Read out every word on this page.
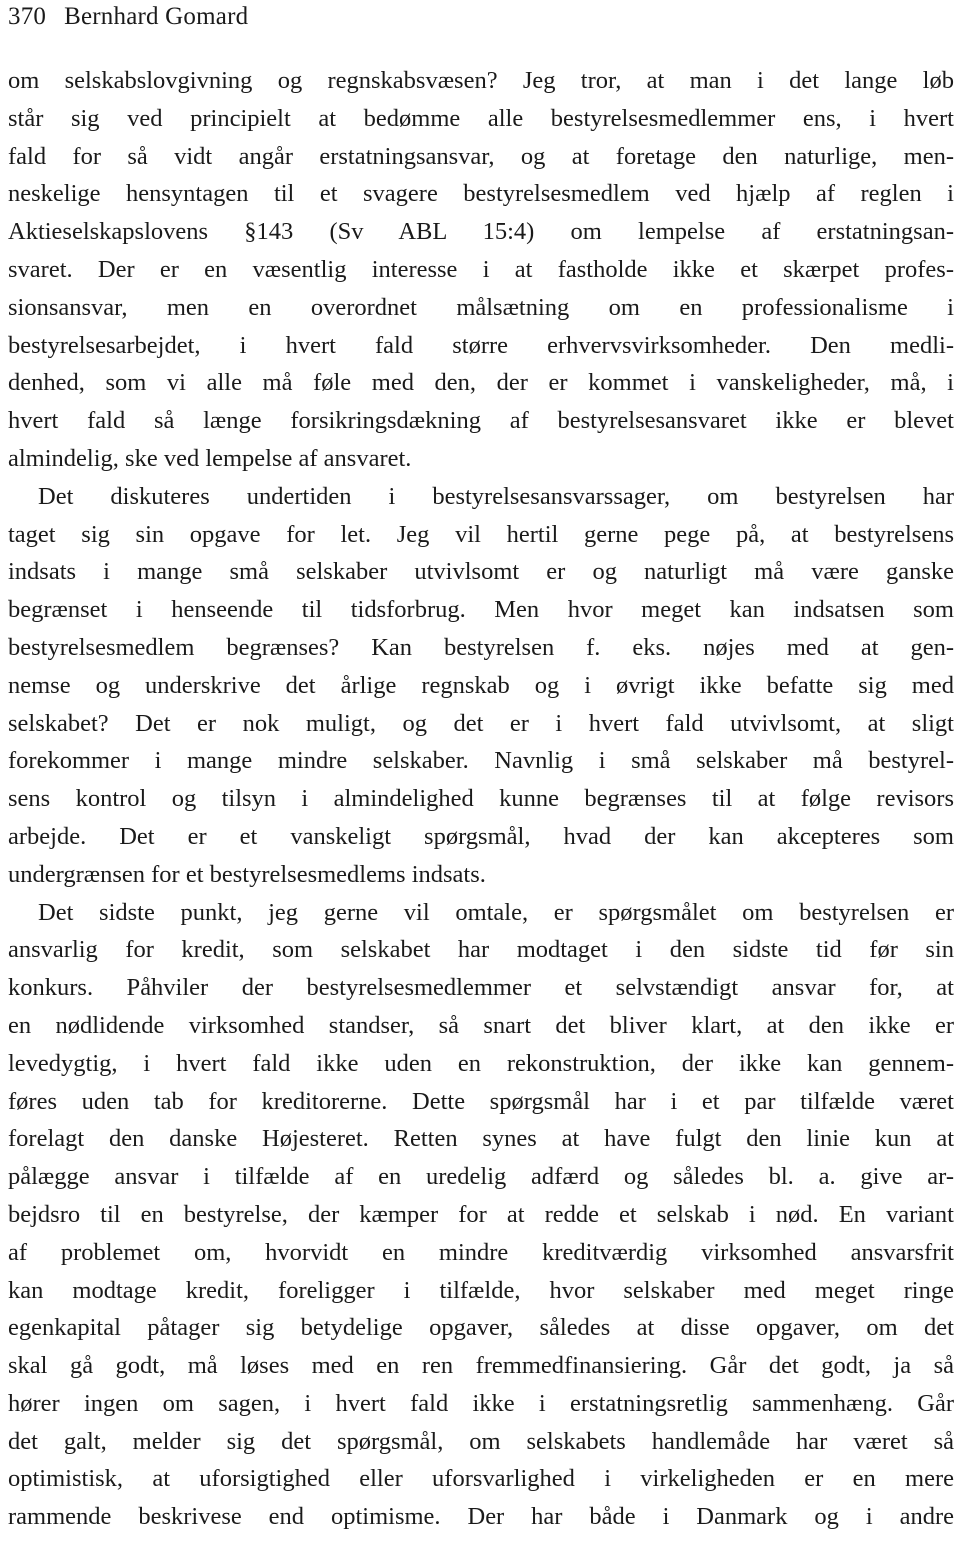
370 Bernhard Gomard
om selskabslovgivning og regnskabsvæsen? Jeg tror, at man i det lange løb
står sig ved principielt at bedømme alle bestyrelsesmedlemmer ens, i hvert
fald for så vidt angår erstatningsansvar, og at foretage den naturlige, men-
neskelige hensyntagen til et svagere bestyrelsesmedlem ved hjælp af reglen i
Aktieselskapslovens §143 (Sv ABL 15:4) om lempelse af erstatningsan-
svaret. Der er en væsentlig interesse i at fastholde ikke et skærpet profes-
sionsansvar, men en overordnet målsætning om en professionalisme i
bestyrelsesarbejdet, i hvert fald større erhvervsvirksomheder. Den medli-
denhed, som vi alle må føle med den, der er kommet i vanskeligheder, må, i
hvert fald så længe forsikringsdækning af bestyrelsesansvaret ikke er blevet
almindelig, ske ved lempelse af ansvaret.
Det diskuteres undertiden i bestyrelsesansvarssager, om bestyrelsen har
taget sig sin opgave for let. Jeg vil hertil gerne pege på, at bestyrelsens
indsats i mange små selskaber utvivlsomt er og naturligt må være ganske
begrænset i henseende til tidsforbrug. Men hvor meget kan indsatsen som
bestyrelsesmedlem begrænses? Kan bestyrelsen f. eks. nøjes med at gen-
nemse og underskrive det årlige regnskab og i øvrigt ikke befatte sig med
selskabet? Det er nok muligt, og det er i hvert fald utvivlsomt, at sligt
forekommer i mange mindre selskaber. Navnlig i små selskaber må bestyrel-
sens kontrol og tilsyn i almindelighed kunne begrænses til at følge revisors
arbejde. Det er et vanskeligt spørgsmål, hvad der kan akcepteres som
undergrænsen for et bestyrelsesmedlems indsats.
Det sidste punkt, jeg gerne vil omtale, er spørgsmålet om bestyrelsen er
ansvarlig for kredit, som selskabet har modtaget i den sidste tid før sin
konkurs. Påhviler der bestyrelsesmedlemmer et selvstændigt ansvar for, at
en nødlidende virksomhed standser, så snart det bliver klart, at den ikke er
levedygtig, i hvert fald ikke uden en rekonstruktion, der ikke kan gennem-
føres uden tab for kreditorerne. Dette spørgsmål har i et par tilfælde været
forelagt den danske Højesteret. Retten synes at have fulgt den linie kun at
pålægge ansvar i tilfælde af en uredelig adfærd og således bl. a. give ar-
bejdsro til en bestyrelse, der kæmper for at redde et selskab i nød. En variant
af problemet om, hvorvidt en mindre kreditværdig virksomhed ansvarsfrit
kan modtage kredit, foreligger i tilfælde, hvor selskaber med meget ringe
egenkapital påtager sig betydelige opgaver, således at disse opgaver, om det
skal gå godt, må løses med en ren fremmedfinansiering. Går det godt, ja så
hører ingen om sagen, i hvert fald ikke i erstatningsretlig sammenhæng. Går
det galt, melder sig det spørgsmål, om selskabets handlemåde har været så
optimistisk, at uforsigtighed eller uforsvarlighed i virkeligheden er en mere
rammende beskrivese end optimisme. Der har både i Danmark og i andre
